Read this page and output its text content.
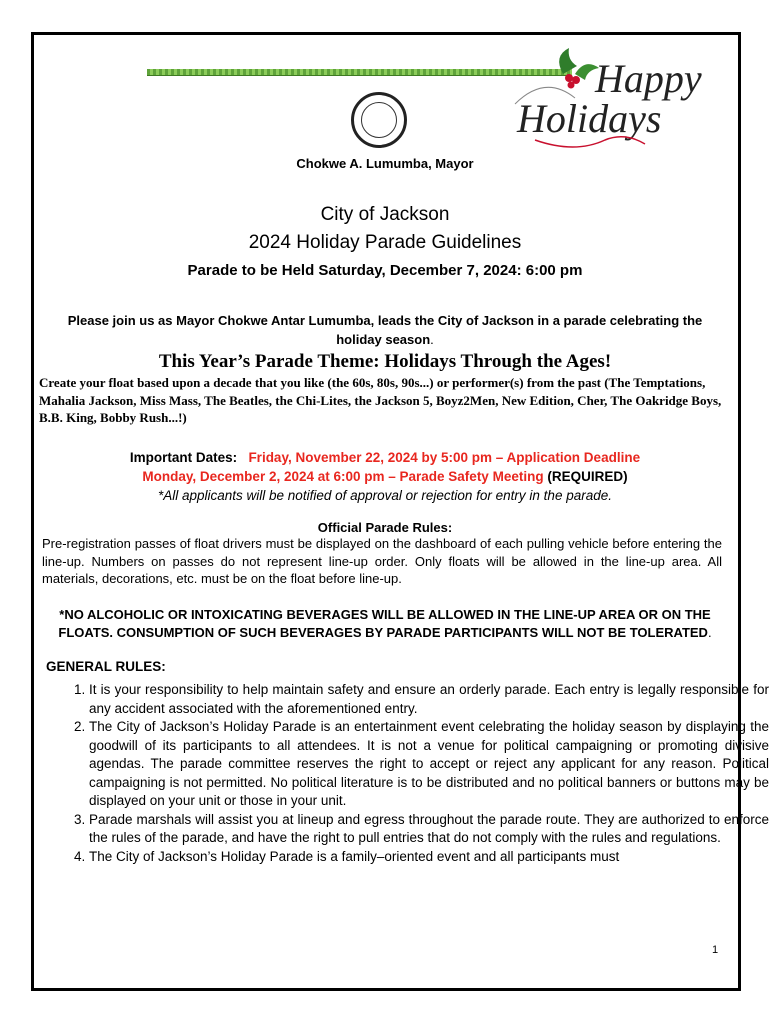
Happy
Holidays
Chokwe A. Lumumba, Mayor
City of Jackson
2024 Holiday Parade Guidelines
Parade to be Held Saturday, December 7, 2024: 6:00 pm
Please join us as Mayor Chokwe Antar Lumumba, leads the City of Jackson in a parade celebrating the holiday season.
This Year’s Parade Theme: Holidays Through the Ages!
Create your float based upon a decade that you like (the 60s, 80s, 90s...) or performer(s) from the past (The Temptations, Mahalia Jackson, Miss Mass, The Beatles, the Chi-Lites, the Jackson 5, Boyz2Men, New Edition, Cher, The Oakridge Boys, B.B. King, Bobby Rush...!)
Important Dates: Friday, November 22, 2024 by 5:00 pm – Application Deadline
Monday, December 2, 2024 at 6:00 pm – Parade Safety Meeting (REQUIRED)
*All applicants will be notified of approval or rejection for entry in the parade.
Official Parade Rules:
Pre-registration passes of float drivers must be displayed on the dashboard of each pulling vehicle before entering the line-up. Numbers on passes do not represent line-up order. Only floats will be allowed in the line-up area. All materials, decorations, etc. must be on the float before line-up.
*NO ALCOHOLIC OR INTOXICATING BEVERAGES WILL BE ALLOWED IN THE LINE-UP AREA OR ON THE FLOATS. CONSUMPTION OF SUCH BEVERAGES BY PARADE PARTICIPANTS WILL NOT BE TOLERATED.
GENERAL RULES:
1. It is your responsibility to help maintain safety and ensure an orderly parade. Each entry is legally responsible for any accident associated with the aforementioned entry.
2. The City of Jackson’s Holiday Parade is an entertainment event celebrating the holiday season by displaying the goodwill of its participants to all attendees. It is not a venue for political campaigning or promoting divisive agendas. The parade committee reserves the right to accept or reject any applicant for any reason. Political campaigning is not permitted. No political literature is to be distributed and no political banners or buttons may be displayed on your unit or those in your unit.
3. Parade marshals will assist you at lineup and egress throughout the parade route. They are authorized to enforce the rules of the parade, and have the right to pull entries that do not comply with the rules and regulations.
4. The City of Jackson’s Holiday Parade is a family–oriented event and all participants must
1
